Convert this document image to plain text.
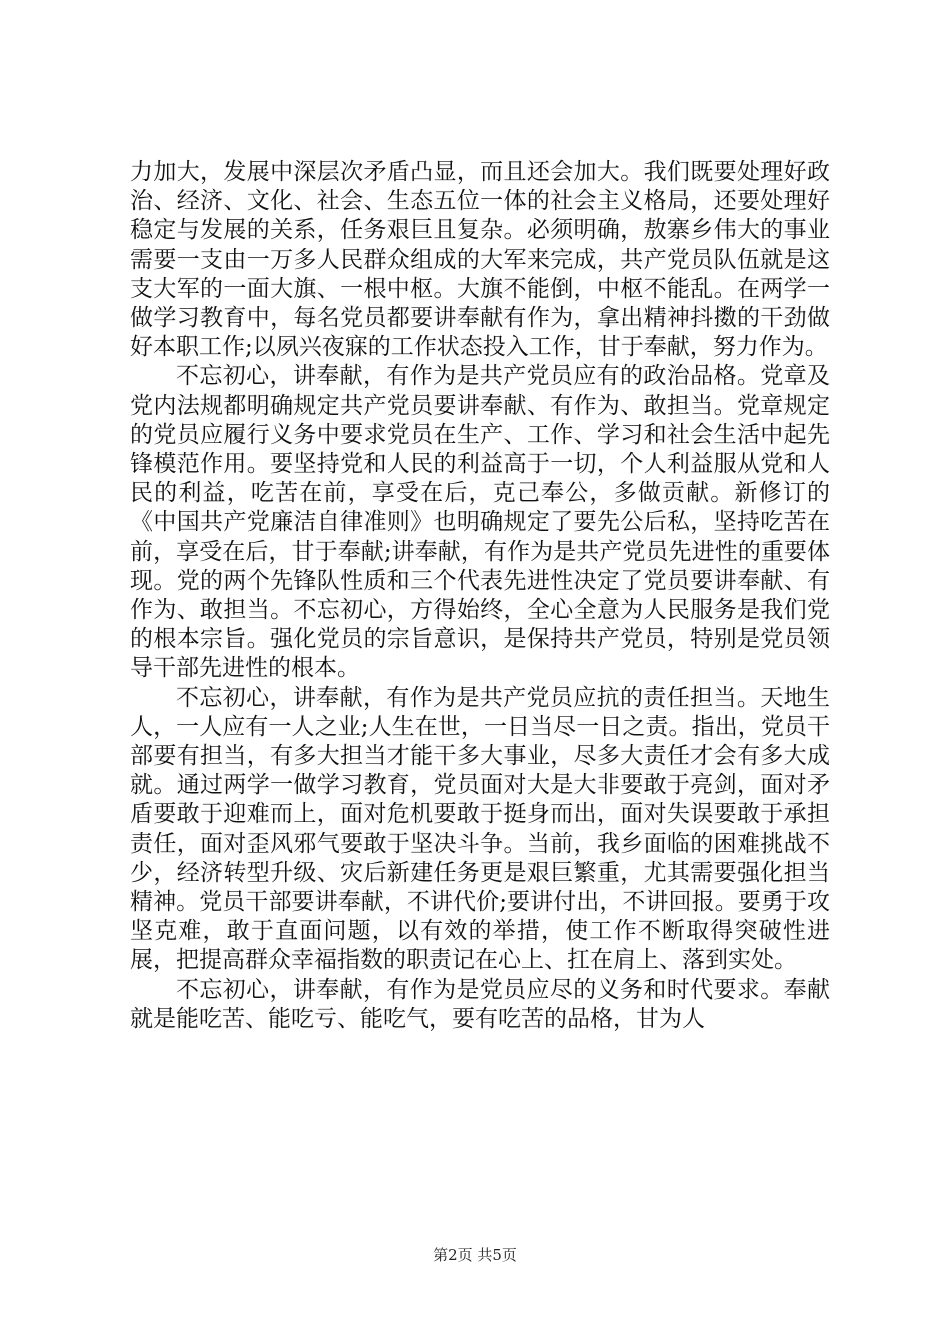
力加大，发展中深层次矛盾凸显，而且还会加大。我们既要处理好政治、经济、文化、社会、生态五位一体的社会主义格局，还要处理好稳定与发展的关系，任务艰巨且复杂。必须明确，敖寨乡伟大的事业需要一支由一万多人民群众组成的大军来完成，共产党员队伍就是这支大军的一面大旗、一根中枢。大旗不能倒，中枢不能乱。在两学一做学习教育中，每名党员都要讲奉献有作为，拿出精神抖擞的干劲做好本职工作;以夙兴夜寐的工作状态投入工作，甘于奉献，努力作为。

不忘初心，讲奉献，有作为是共产党员应有的政治品格。党章及党内法规都明确规定共产党员要讲奉献、有作为、敢担当。党章规定的党员应履行义务中要求党员在生产、工作、学习和社会生活中起先锋模范作用。要坚持党和人民的利益高于一切，个人利益服从党和人民的利益，吃苦在前，享受在后，克己奉公，多做贡献。新修订的《中国共产党廉洁自律准则》也明确规定了要先公后私，坚持吃苦在前，享受在后，甘于奉献;讲奉献，有作为是共产党员先进性的重要体现。党的两个先锋队性质和三个代表先进性决定了党员要讲奉献、有作为、敢担当。不忘初心，方得始终，全心全意为人民服务是我们党的根本宗旨。强化党员的宗旨意识，是保持共产党员，特别是党员领导干部先进性的根本。

不忘初心，讲奉献，有作为是共产党员应抗的责任担当。天地生人，一人应有一人之业;人生在世，一日当尽一日之责。指出，党员干部要有担当，有多大担当才能干多大事业，尽多大责任才会有多大成就。通过两学一做学习教育，党员面对大是大非要敢于亮剑，面对矛盾要敢于迎难而上，面对危机要敢于挺身而出，面对失误要敢于承担责任，面对歪风邪气要敢于坚决斗争。当前，我乡面临的困难挑战不少，经济转型升级、灾后新建任务更是艰巨繁重，尤其需要强化担当精神。党员干部要讲奉献，不讲代价;要讲付出，不讲回报。要勇于攻坚克难，敢于直面问题，以有效的举措，使工作不断取得突破性进展，把提高群众幸福指数的职责记在心上、扛在肩上、落到实处。

不忘初心，讲奉献，有作为是党员应尽的义务和时代要求。奉献就是能吃苦、能吃亏、能吃气，要有吃苦的品格，甘为人

第2页 共5页
